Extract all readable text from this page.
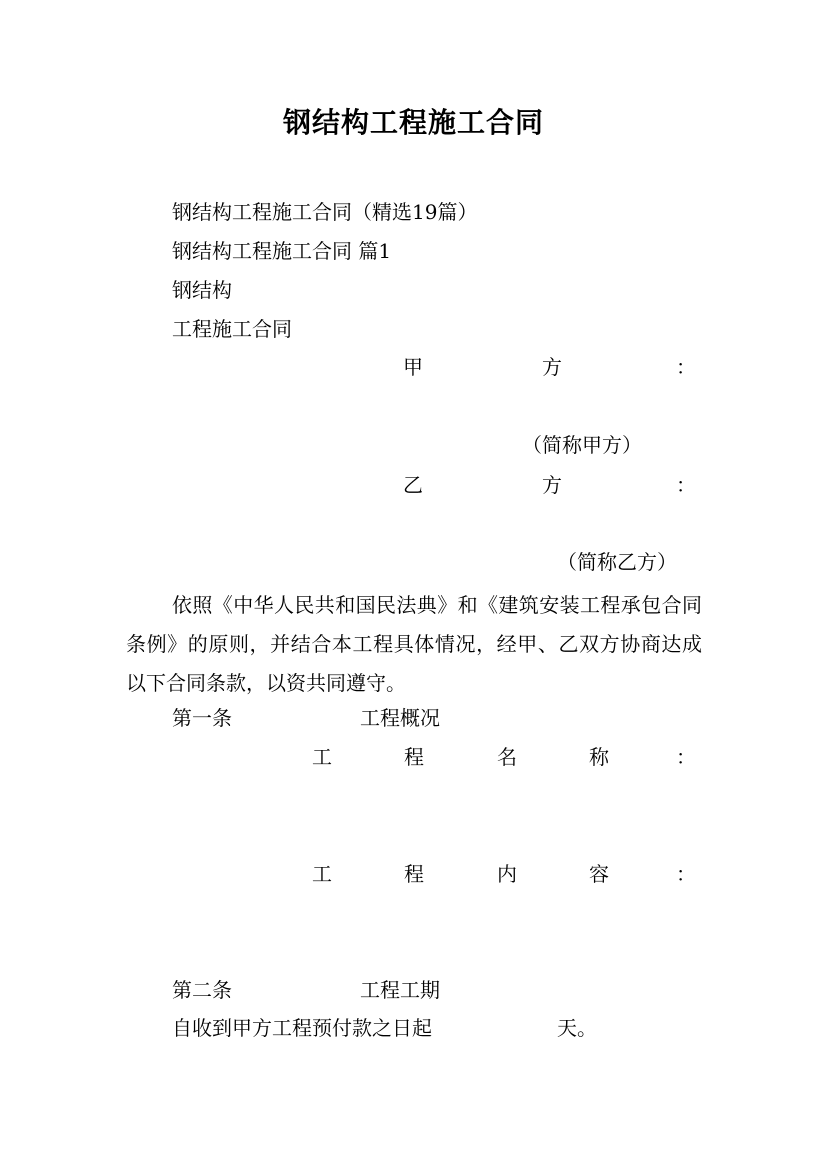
钢结构工程施工合同
钢结构工程施工合同（精选19篇）
钢结构工程施工合同 篇1
钢结构
工程施工合同
甲	方	：
（简称甲方）
乙	方	：
（简称乙方）
依照《中华人民共和国民法典》和《建筑安装工程承包合同条例》的原则，并结合本工程具体情况，经甲、乙双方协商达成以下合同条款，以资共同遵守。
第一条	工程概况
工	程	名	称	：
工	程	内	容	：
第二条	工程工期
自收到甲方工程预付款之日起	天。
